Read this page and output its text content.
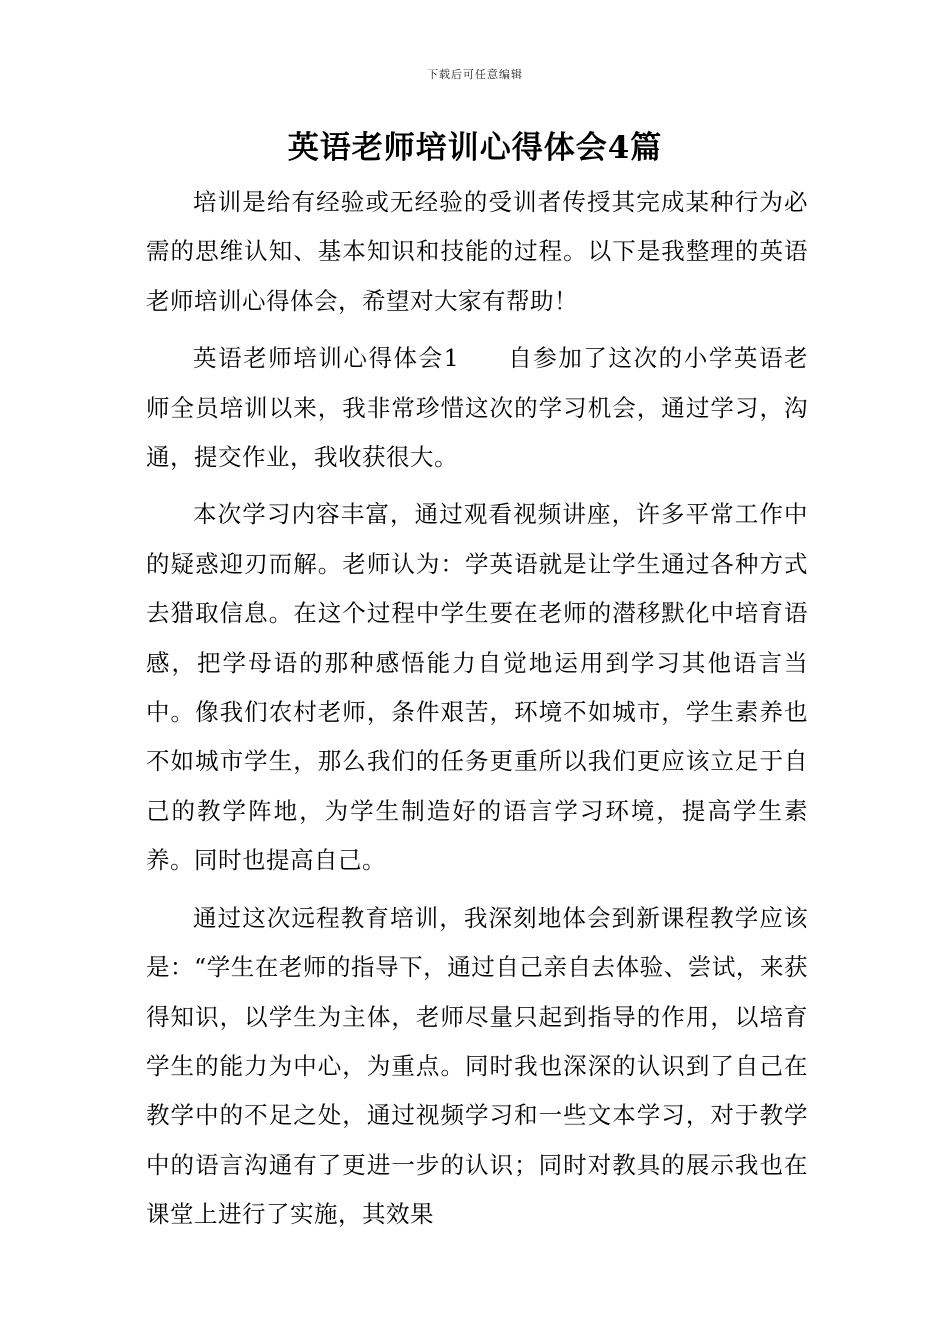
下载后可任意编辑
英语老师培训心得体会4篇

培训是给有经验或无经验的受训者传授其完成某种行为必需的思维认知、基本知识和技能的过程。以下是我整理的英语老师培训心得体会，希望对大家有帮助！

英语老师培训心得体会1 自参加了这次的小学英语老师全员培训以来，我非常珍惜这次的学习机会，通过学习，沟通，提交作业，我收获很大。

本次学习内容丰富，通过观看视频讲座，许多平常工作中的疑惑迎刃而解。老师认为：学英语就是让学生通过各种方式去猎取信息。在这个过程中学生要在老师的潜移默化中培育语感，把学母语的那种感悟能力自觉地运用到学习其他语言当中。像我们农村老师，条件艰苦，环境不如城市，学生素养也不如城市学生，那么我们的任务更重所以我们更应该立足于自己的教学阵地，为学生制造好的语言学习环境，提高学生素养。同时也提高自己。

通过这次远程教育培训，我深刻地体会到新课程教学应该是：“学生在老师的指导下，通过自己亲自去体验、尝试，来获得知识，以学生为主体，老师尽量只起到指导的作用，以培育学生的能力为中心，为重点。同时我也深深的认识到了自己在教学中的不足之处，通过视频学习和一些文本学习，对于教学中的语言沟通有了更进一步的认识；同时对教具的展示我也在课堂上进行了实施，其效果
